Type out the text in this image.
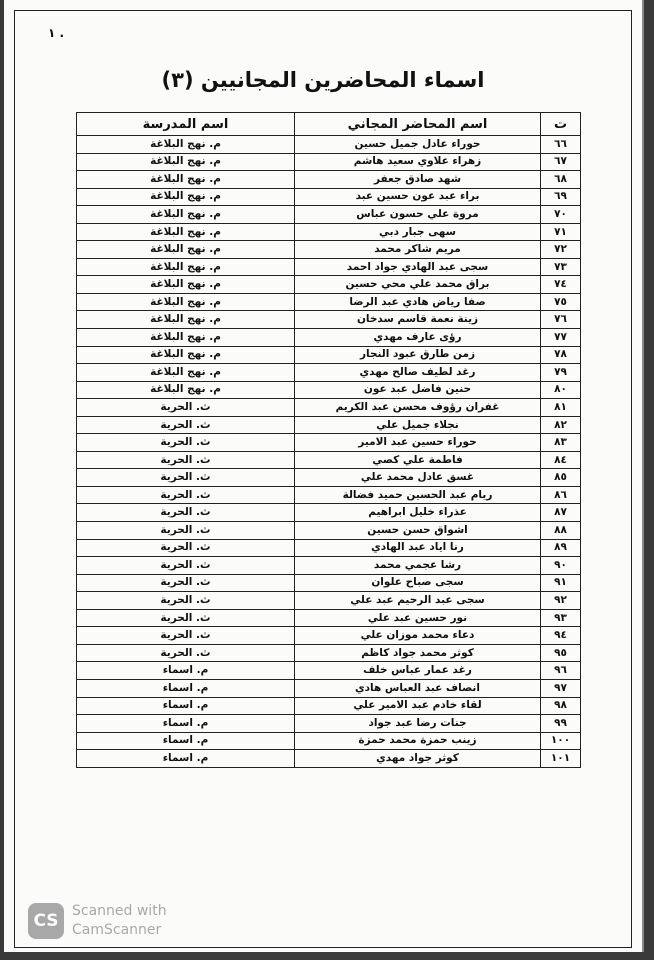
١ .
اسماء المحاضرين المجانيين (٣)
ت	اسم المحاضر المجاني	اسم المدرسة
٦٦	حوراء عادل جميل حسين	م. نهج البلاغة
٦٧	زهراء علاوي سعيد هاشم	م. نهج البلاغة
٦٨	شهد صادق جعفر	م. نهج البلاغة
٦٩	براء عبد عون حسين عبد	م. نهج البلاغة
٧٠	مروة علي حسون عباس	م. نهج البلاغة
٧١	سهى جبار دبي	م. نهج البلاغة
٧٢	مريم شاكر محمد	م. نهج البلاغة
٧٣	سجى عبد الهادي جواد احمد	م. نهج البلاغة
٧٤	براق محمد علي محي حسين	م. نهج البلاغة
٧٥	صفا رياض هادي عبد الرضا	م. نهج البلاغة
٧٦	زينة نعمة قاسم سدخان	م. نهج البلاغة
٧٧	رؤى عارف مهدي	م. نهج البلاغة
٧٨	زمن طارق عبود النجار	م. نهج البلاغة
٧٩	رغد لطيف صالح مهدي	م. نهج البلاغة
٨٠	حنين فاضل عبد عون	م. نهج البلاغة
٨١	غفران رؤوف محسن عبد الكريم	ث. الحرية
٨٢	نجلاء جميل علي	ث. الحرية
٨٣	حوراء حسين عبد الامير	ث. الحرية
٨٤	فاطمة علي كصي	ث. الحرية
٨٥	غسق عادل محمد علي	ث. الحرية
٨٦	ريام عبد الحسين حميد فضالة	ث. الحرية
٨٧	عذراء خليل ابراهيم	ث. الحرية
٨٨	اشواق حسن حسين	ث. الحرية
٨٩	رنا اياد عبد الهادي	ث. الحرية
٩٠	رشا عجمي محمد	ث. الحرية
٩١	سجى صباح علوان	ث. الحرية
٩٢	سجى عبد الرحيم عبد علي	ث. الحرية
٩٣	نور حسين عبد علي	ث. الحرية
٩٤	دعاء محمد موزان علي	ث. الحرية
٩٥	كوثر محمد جواد كاظم	ث. الحرية
٩٦	رغد عمار عباس خلف	م. اسماء
٩٧	انصاف عبد العباس هادي	م. اسماء
٩٨	لقاء خادم عبد الامير علي	م. اسماء
٩٩	جنات رضا عبد جواد	م. اسماء
١٠٠	زينب حمزة محمد حمزة	م. اسماء
١٠١	كوثر جواد مهدي	م. اسماء
CS Scanned with
CamScanner
